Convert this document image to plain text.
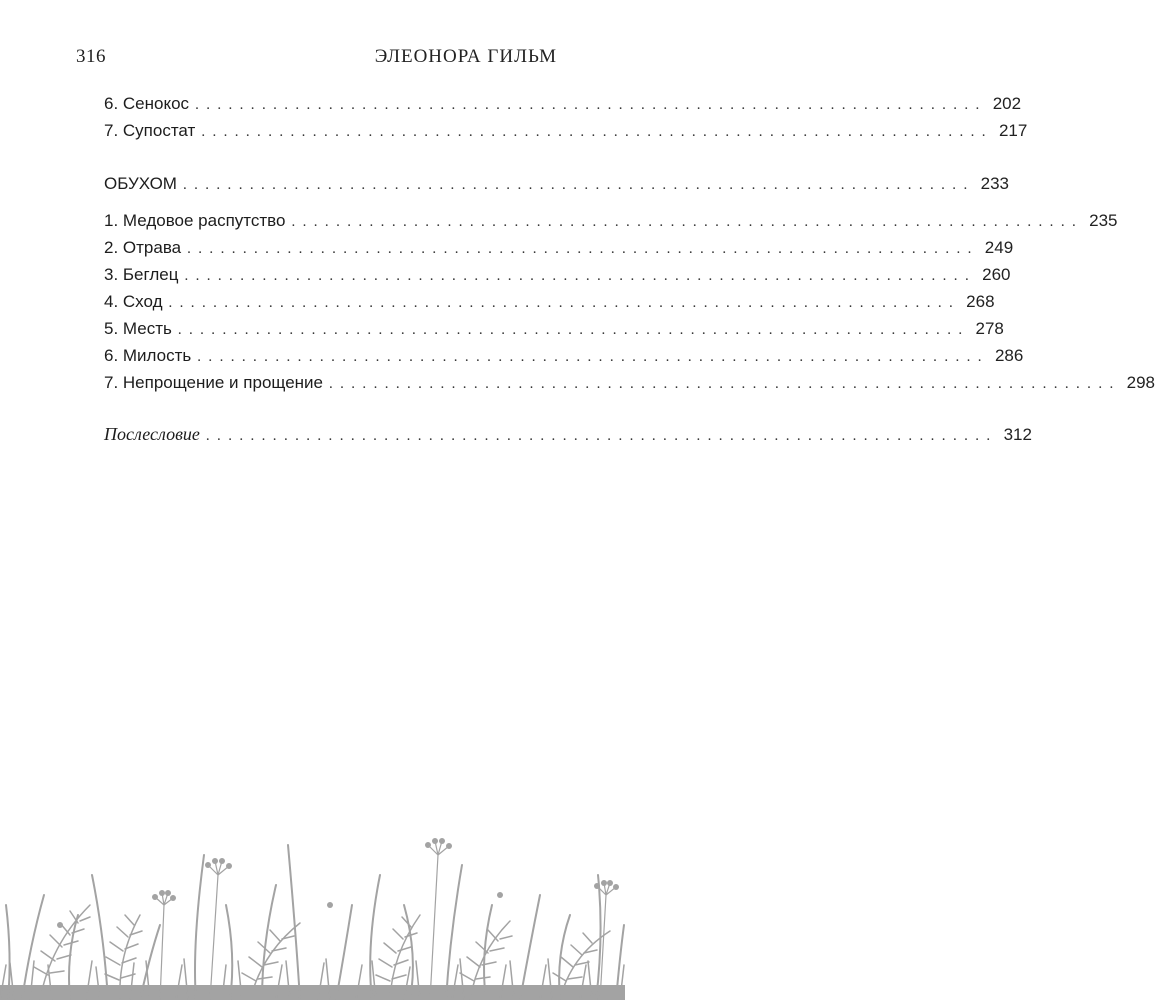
316	ЭЛЕОНОРА ГИЛЬМ
6. Сенокос ....................................................................... 202
7. Супостат ....................................................................... 217
ОБУХОМ ....................................................................... 233
1. Медовое распутство ....................................................................... 235
2. Отрава ....................................................................... 249
3. Беглец ....................................................................... 260
4. Сход ....................................................................... 268
5. Месть ....................................................................... 278
6. Милость ....................................................................... 286
7. Непрощение и прощение ....................................................................... 298
Послесловие ....................................................................... 312
